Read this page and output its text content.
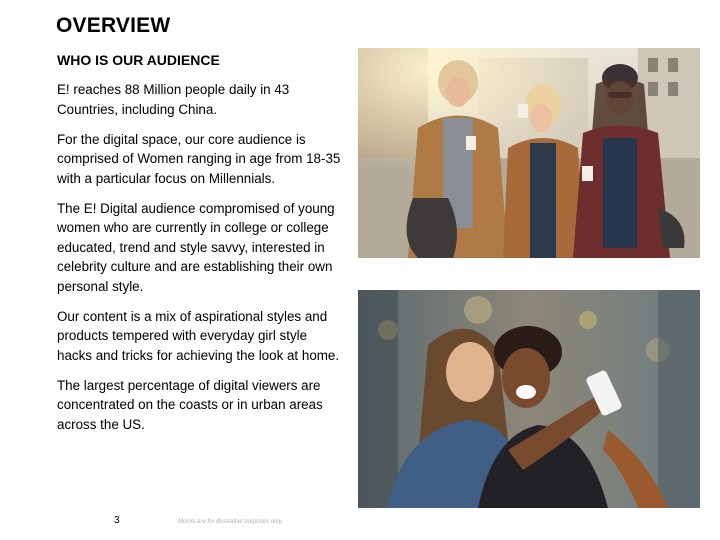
OVERVIEW
WHO IS OUR AUDIENCE

E! reaches 88 Million people daily in 43 Countries, including China.

For the digital space, our core audience is comprised of Women ranging in age from 18-35 with a particular focus on Millennials.

The E! Digital audience compromised of young women who are currently in college or college educated, trend and style savvy, interested in celebrity culture and are establishing their own personal style.

Our content is a mix of aspirational styles and products tempered with everyday girl style hacks and tricks for achieving the look at home.

The largest percentage of digital viewers are concentrated on the coasts or in urban areas across the US.

3	Mocks are for illustrative purposes only.
